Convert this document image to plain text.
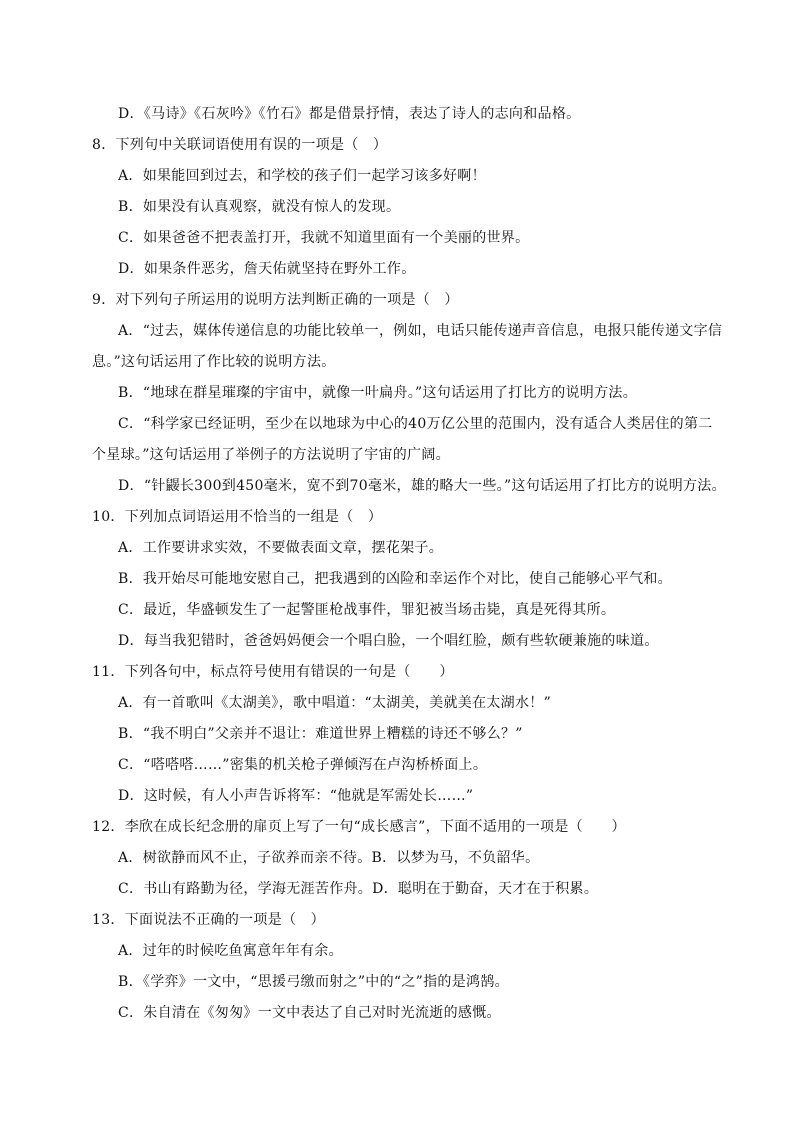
D．《马诗》《石灰吟》《竹石》都是借景抒情，表达了诗人的志向和品格。
8．下列句中关联词语使用有误的一项是（　）
A．如果能回到过去，和学校的孩子们一起学习该多好啊！
B．如果没有认真观察，就没有惊人的发现。
C．如果爸爸不把表盖打开，我就不知道里面有一个美丽的世界。
D．如果条件恶劣，詹天佑就坚持在野外工作。
9．对下列句子所运用的说明方法判断正确的一项是（　）
A．“过去，媒体传递信息的功能比较单一，例如，电话只能传递声音信息，电报只能传递文字信
息。”这句话运用了作比较的说明方法。
B．“地球在群星璀璨的宇宙中，就像一叶扁舟。”这句话运用了打比方的说明方法。
C．“科学家已经证明，至少在以地球为中心的40万亿公里的范围内，没有适合人类居住的第二
个星球。”这句话运用了举例子的方法说明了宇宙的广阔。
D．“针鼹长300到450毫米，宽不到70毫米，雄的略大一些。”这句话运用了打比方的说明方法。
10．下列加点词语运用不恰当的一组是（　）
A．工作要讲求实效，不要做表面文章，摆花架子。
B．我开始尽可能地安慰自己，把我遇到的凶险和幸运作个对比，使自己能够心平气和。
C．最近，华盛顿发生了一起警匪枪战事件，罪犯被当场击毙，真是死得其所。
D．每当我犯错时，爸爸妈妈便会一个唱白脸，一个唱红脸，颇有些软硬兼施的味道。
11．下列各句中，标点符号使用有错误的一句是（　　）
A．有一首歌叫《太湖美》，歌中唱道：“太湖美，美就美在太湖水！”
B．“我不明白”父亲并不退让：难道世界上糟糕的诗还不够么？”
C．“嗒嗒嗒……”密集的机关枪子弹倾泻在卢沟桥桥面上。
D．这时候，有人小声告诉将军：“他就是军需处长……”
12．李欣在成长纪念册的扉页上写了一句“成长感言”，下面不适用的一项是（　　）
A．树欲静而风不止，子欲养而亲不待。B．以梦为马，不负韶华。
C．书山有路勤为径，学海无涯苦作舟。D．聪明在于勤奋，天才在于积累。
13．下面说法不正确的一项是（　）
A．过年的时候吃鱼寓意年年有余。
B．《学弈》一文中，“思援弓缴而射之”中的“之”指的是鸿鹄。
C．朱自清在《匆匆》一文中表达了自己对时光流逝的感慨。
